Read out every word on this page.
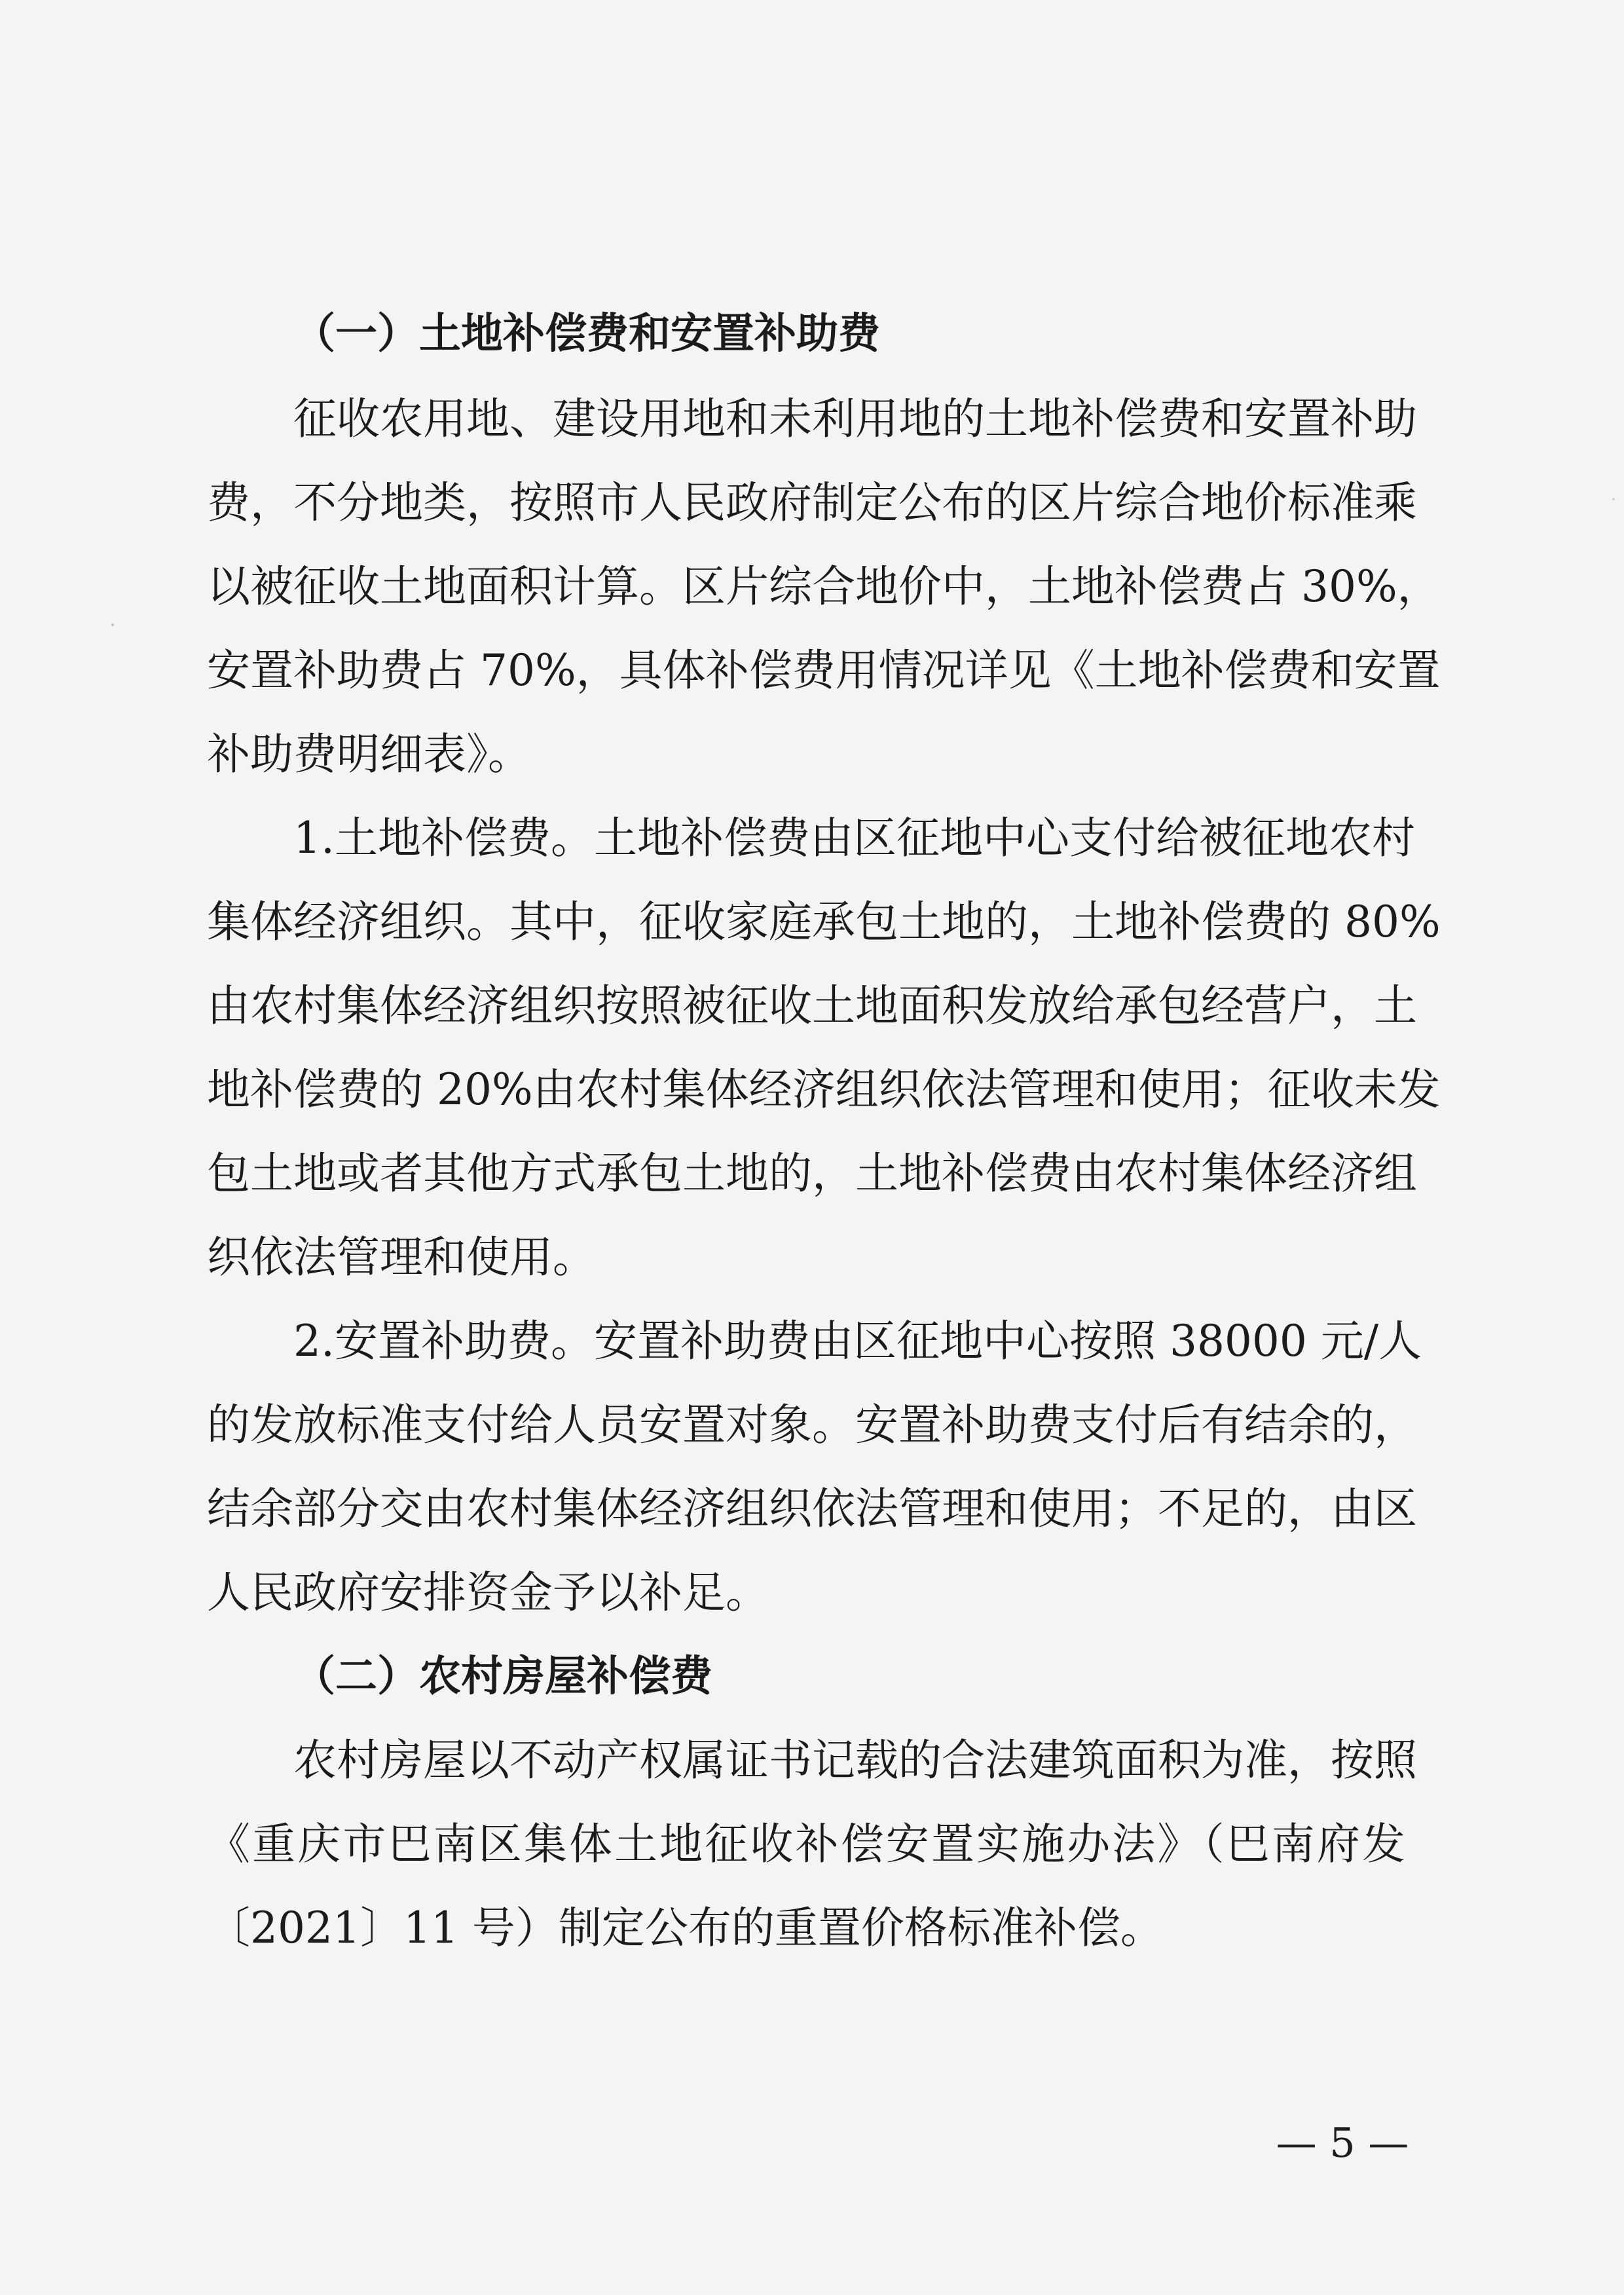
（一）土地补偿费和安置补助费
征收农用地、建设用地和未利用地的土地补偿费和安置补助
费，不分地类，按照市人民政府制定公布的区片综合地价标准乘
以被征收土地面积计算。区片综合地价中，土地补偿费占 30%，
安置补助费占 70%，具体补偿费用情况详见《土地补偿费和安置
补助费明细表》。
1.土地补偿费。土地补偿费由区征地中心支付给被征地农村
集体经济组织。其中，征收家庭承包土地的，土地补偿费的 80%
由农村集体经济组织按照被征收土地面积发放给承包经营户，土
地补偿费的 20%由农村集体经济组织依法管理和使用；征收未发
包土地或者其他方式承包土地的，土地补偿费由农村集体经济组
织依法管理和使用。
2.安置补助费。安置补助费由区征地中心按照 38000 元/人
的发放标准支付给人员安置对象。安置补助费支付后有结余的，
结余部分交由农村集体经济组织依法管理和使用；不足的，由区
人民政府安排资金予以补足。
（二）农村房屋补偿费
农村房屋以不动产权属证书记载的合法建筑面积为准，按照
《重庆市巴南区集体土地征收补偿安置实施办法》（巴南府发
〔2021〕11 号）制定公布的重置价格标准补偿。
— 5 —
